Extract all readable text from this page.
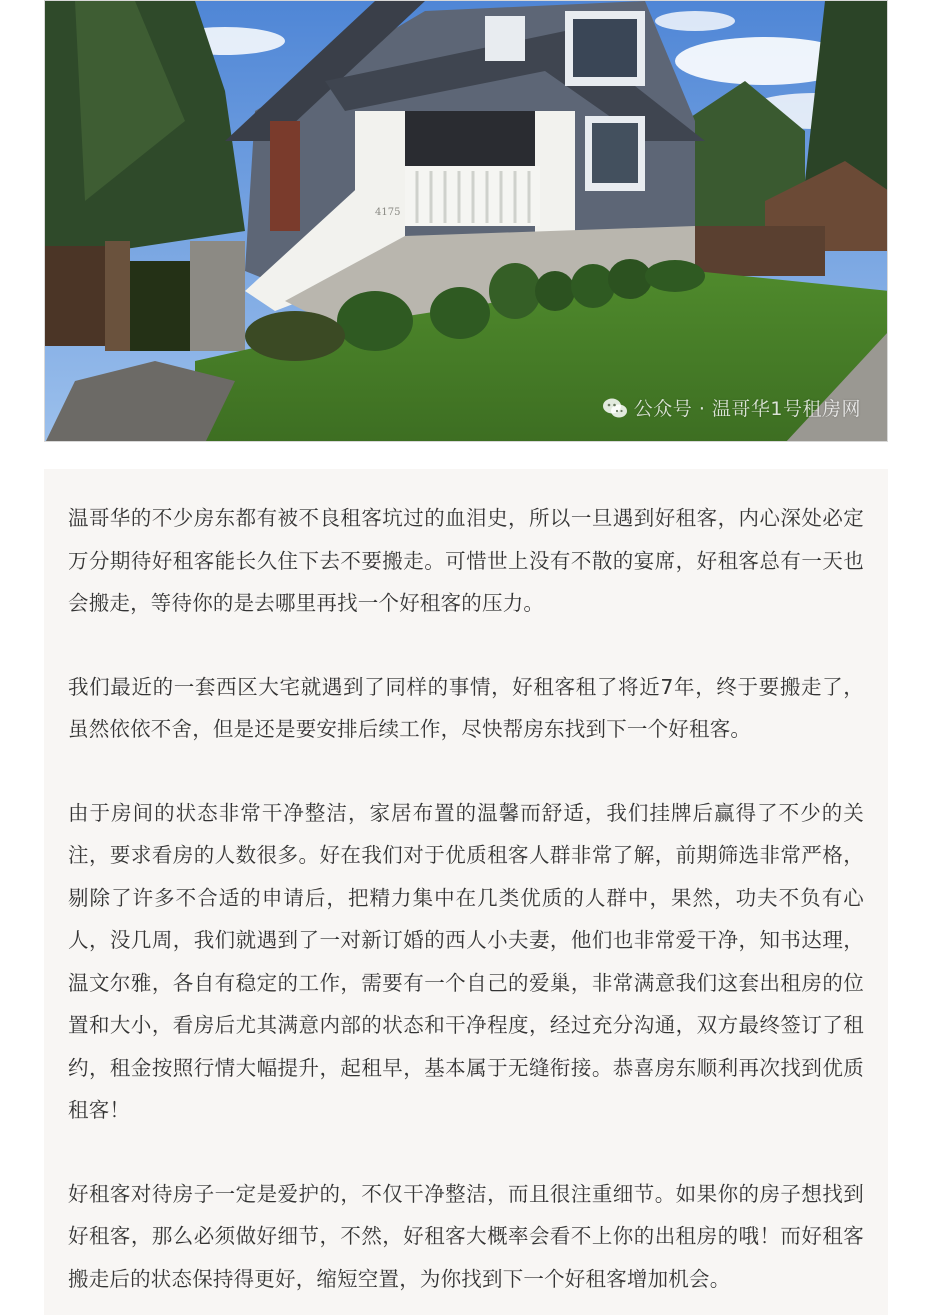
4175
公众号 · 温哥华1号租房网

温哥华的不少房东都有被不良租客坑过的血泪史，所以一旦遇到好租客，内心深处必定万分期待好租客能长久住下去不要搬走。可惜世上没有不散的宴席，好租客总有一天也会搬走，等待你的是去哪里再找一个好租客的压力。

我们最近的一套西区大宅就遇到了同样的事情，好租客租了将近7年，终于要搬走了，虽然依依不舍，但是还是要安排后续工作，尽快帮房东找到下一个好租客。

由于房间的状态非常干净整洁，家居布置的温馨而舒适，我们挂牌后赢得了不少的关注，要求看房的人数很多。好在我们对于优质租客人群非常了解，前期筛选非常严格，剔除了许多不合适的申请后，把精力集中在几类优质的人群中，果然，功夫不负有心人，没几周，我们就遇到了一对新订婚的西人小夫妻，他们也非常爱干净，知书达理，温文尔雅，各自有稳定的工作，需要有一个自己的爱巢，非常满意我们这套出租房的位置和大小，看房后尤其满意内部的状态和干净程度，经过充分沟通，双方最终签订了租约，租金按照行情大幅提升，起租早，基本属于无缝衔接。恭喜房东顺利再次找到优质租客！

好租客对待房子一定是爱护的，不仅干净整洁，而且很注重细节。如果你的房子想找到好租客，那么必须做好细节，不然，好租客大概率会看不上你的出租房的哦！而好租客搬走后的状态保持得更好，缩短空置，为你找到下一个好租客增加机会。
